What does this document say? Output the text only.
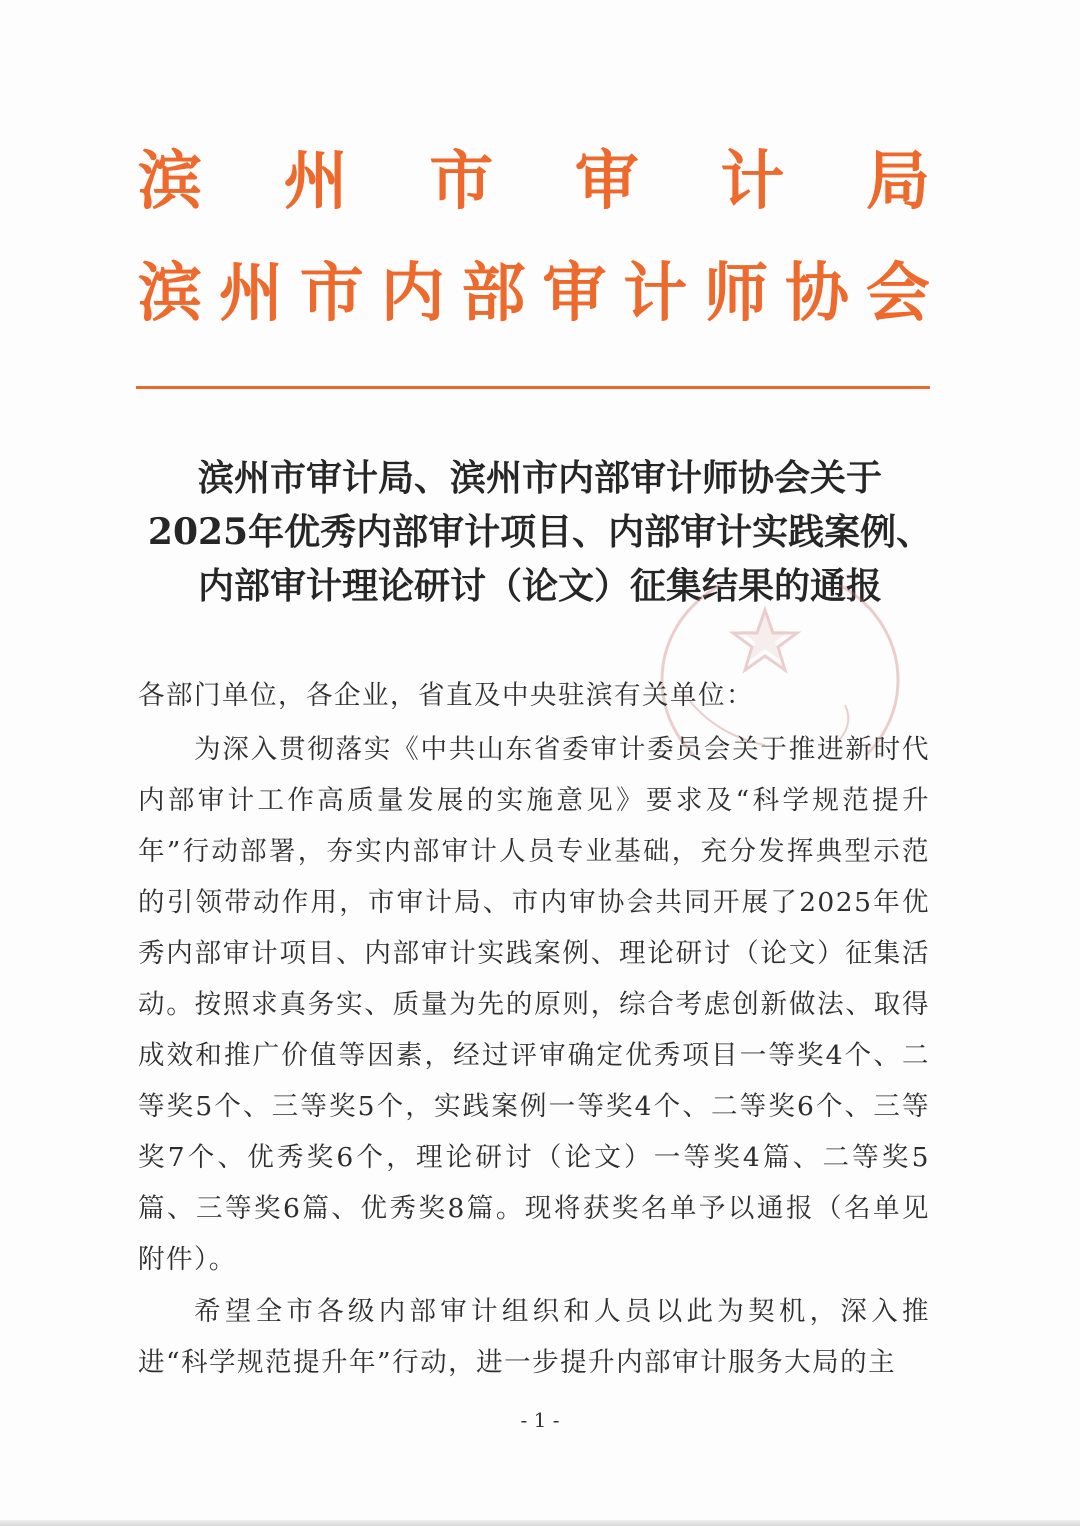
滨 州 市 审 计 局
滨 州 市 内 部 审 计 师 协 会
滨州市审计局、滨州市内部审计师协会关于
2025年优秀内部审计项目、内部审计实践案例、
内部审计理论研讨（论文）征集结果的通报
各部门单位，各企业，省直及中央驻滨有关单位：
为深入贯彻落实《中共山东省委审计委员会关于推进新时代内部审计工作高质量发展的实施意见》要求及“科学规范提升年”行动部署，夯实内部审计人员专业基础，充分发挥典型示范的引领带动作用，市审计局、市内审协会共同开展了2025年优秀内部审计项目、内部审计实践案例、理论研讨（论文）征集活动。按照求真务实、质量为先的原则，综合考虑创新做法、取得成效和推广价值等因素，经过评审确定优秀项目一等奖4个、二等奖5个、三等奖5个，实践案例一等奖4个、二等奖6个、三等奖7个、优秀奖6个，理论研讨（论文）一等奖4篇、二等奖5篇、三等奖6篇、优秀奖8篇。现将获奖名单予以通报（名单见附件）。
希望全市各级内部审计组织和人员以此为契机，深入推进“科学规范提升年”行动，进一步提升内部审计服务大局的主
- 1 -
